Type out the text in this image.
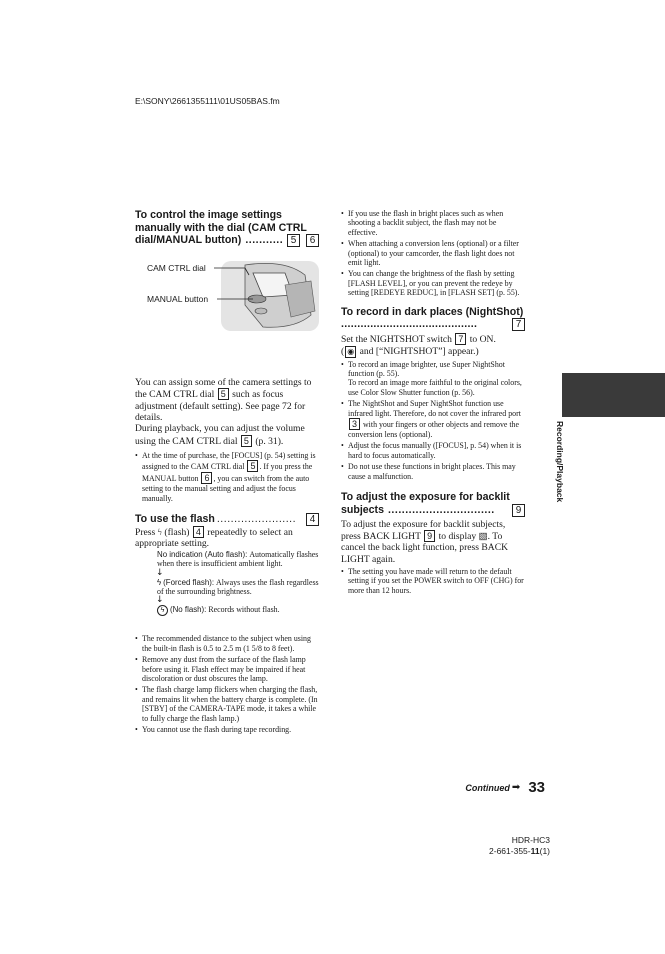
E:\SONY\2661355111\01US05BAS.fm
To control the image settings
manually with the dial (CAM CTRL
dial/MANUAL button) ........... 5	6
CAM CTRL dial
MANUAL button
You can assign some of the camera settings to the CAM CTRL dial 5 such as focus adjustment (default setting). See page 72 for details.
During playback, you can adjust the volume using the CAM CTRL dial 5 (p. 31).
• At the time of purchase, the [FOCUS] (p. 54) setting is assigned to the CAM CTRL dial 5 . If you press the MANUAL button 6 , you can switch from the auto setting to the manual setting and adjust the focus manually.
To use the flash .......................	4
Press ϟ (flash) 4 repeatedly to select an appropriate setting.
No indication (Auto flash): Automatically flashes when there is insufficient ambient light.
↓
ϟ (Forced flash): Always uses the flash regardless of the surrounding brightness.
↓
ϟ (No flash): Records without flash.
• The recommended distance to the subject when using the built-in flash is 0.5 to 2.5 m (1 5/8 to 8 feet).
• Remove any dust from the surface of the flash lamp before using it. Flash effect may be impaired if heat discoloration or dust obscures the lamp.
• The flash charge lamp flickers when charging the flash, and remains lit when the battery charge is complete. (In [STBY] of the CAMERA-TAPE mode, it takes a while to fully charge the flash lamp.)
• You cannot use the flash during tape recording.
• If you use the flash in bright places such as when shooting a backlit subject, the flash may not be effective.
• When attaching a conversion lens (optional) or a filter (optional) to your camcorder, the flash light does not emit light.
• You can change the brightness of the flash by setting [FLASH LEVEL], or you can prevent the redeye by setting [REDEYE REDUC], in [FLASH SET] (p. 55).
To record in dark places (NightShot)
..........................................	7
Set the NIGHTSHOT switch 7 to ON.
( ◉ and [“NIGHTSHOT”] appear.)
• To record an image brighter, use Super NightShot function (p. 55).
To record an image more faithful to the original colors, use Color Slow Shutter function (p. 56).
• The NightShot and Super NightShot function use infrared light. Therefore, do not cover the infrared port 3 with your fingers or other objects and remove the conversion lens (optional).
• Adjust the focus manually ([FOCUS], p. 54) when it is hard to focus automatically.
• Do not use these functions in bright places. This may cause a malfunction.
To adjust the exposure for backlit
subjects ...............................	9
To adjust the exposure for backlit subjects, press BACK LIGHT 9 to display ▧. To cancel the back light function, press BACK LIGHT again.
• The setting you have made will return to the default setting if you set the POWER switch to OFF (CHG) for more than 12 hours.
Recording/Playback
Continued ➡ 33
HDR-HC3
2-661-355-11(1)
